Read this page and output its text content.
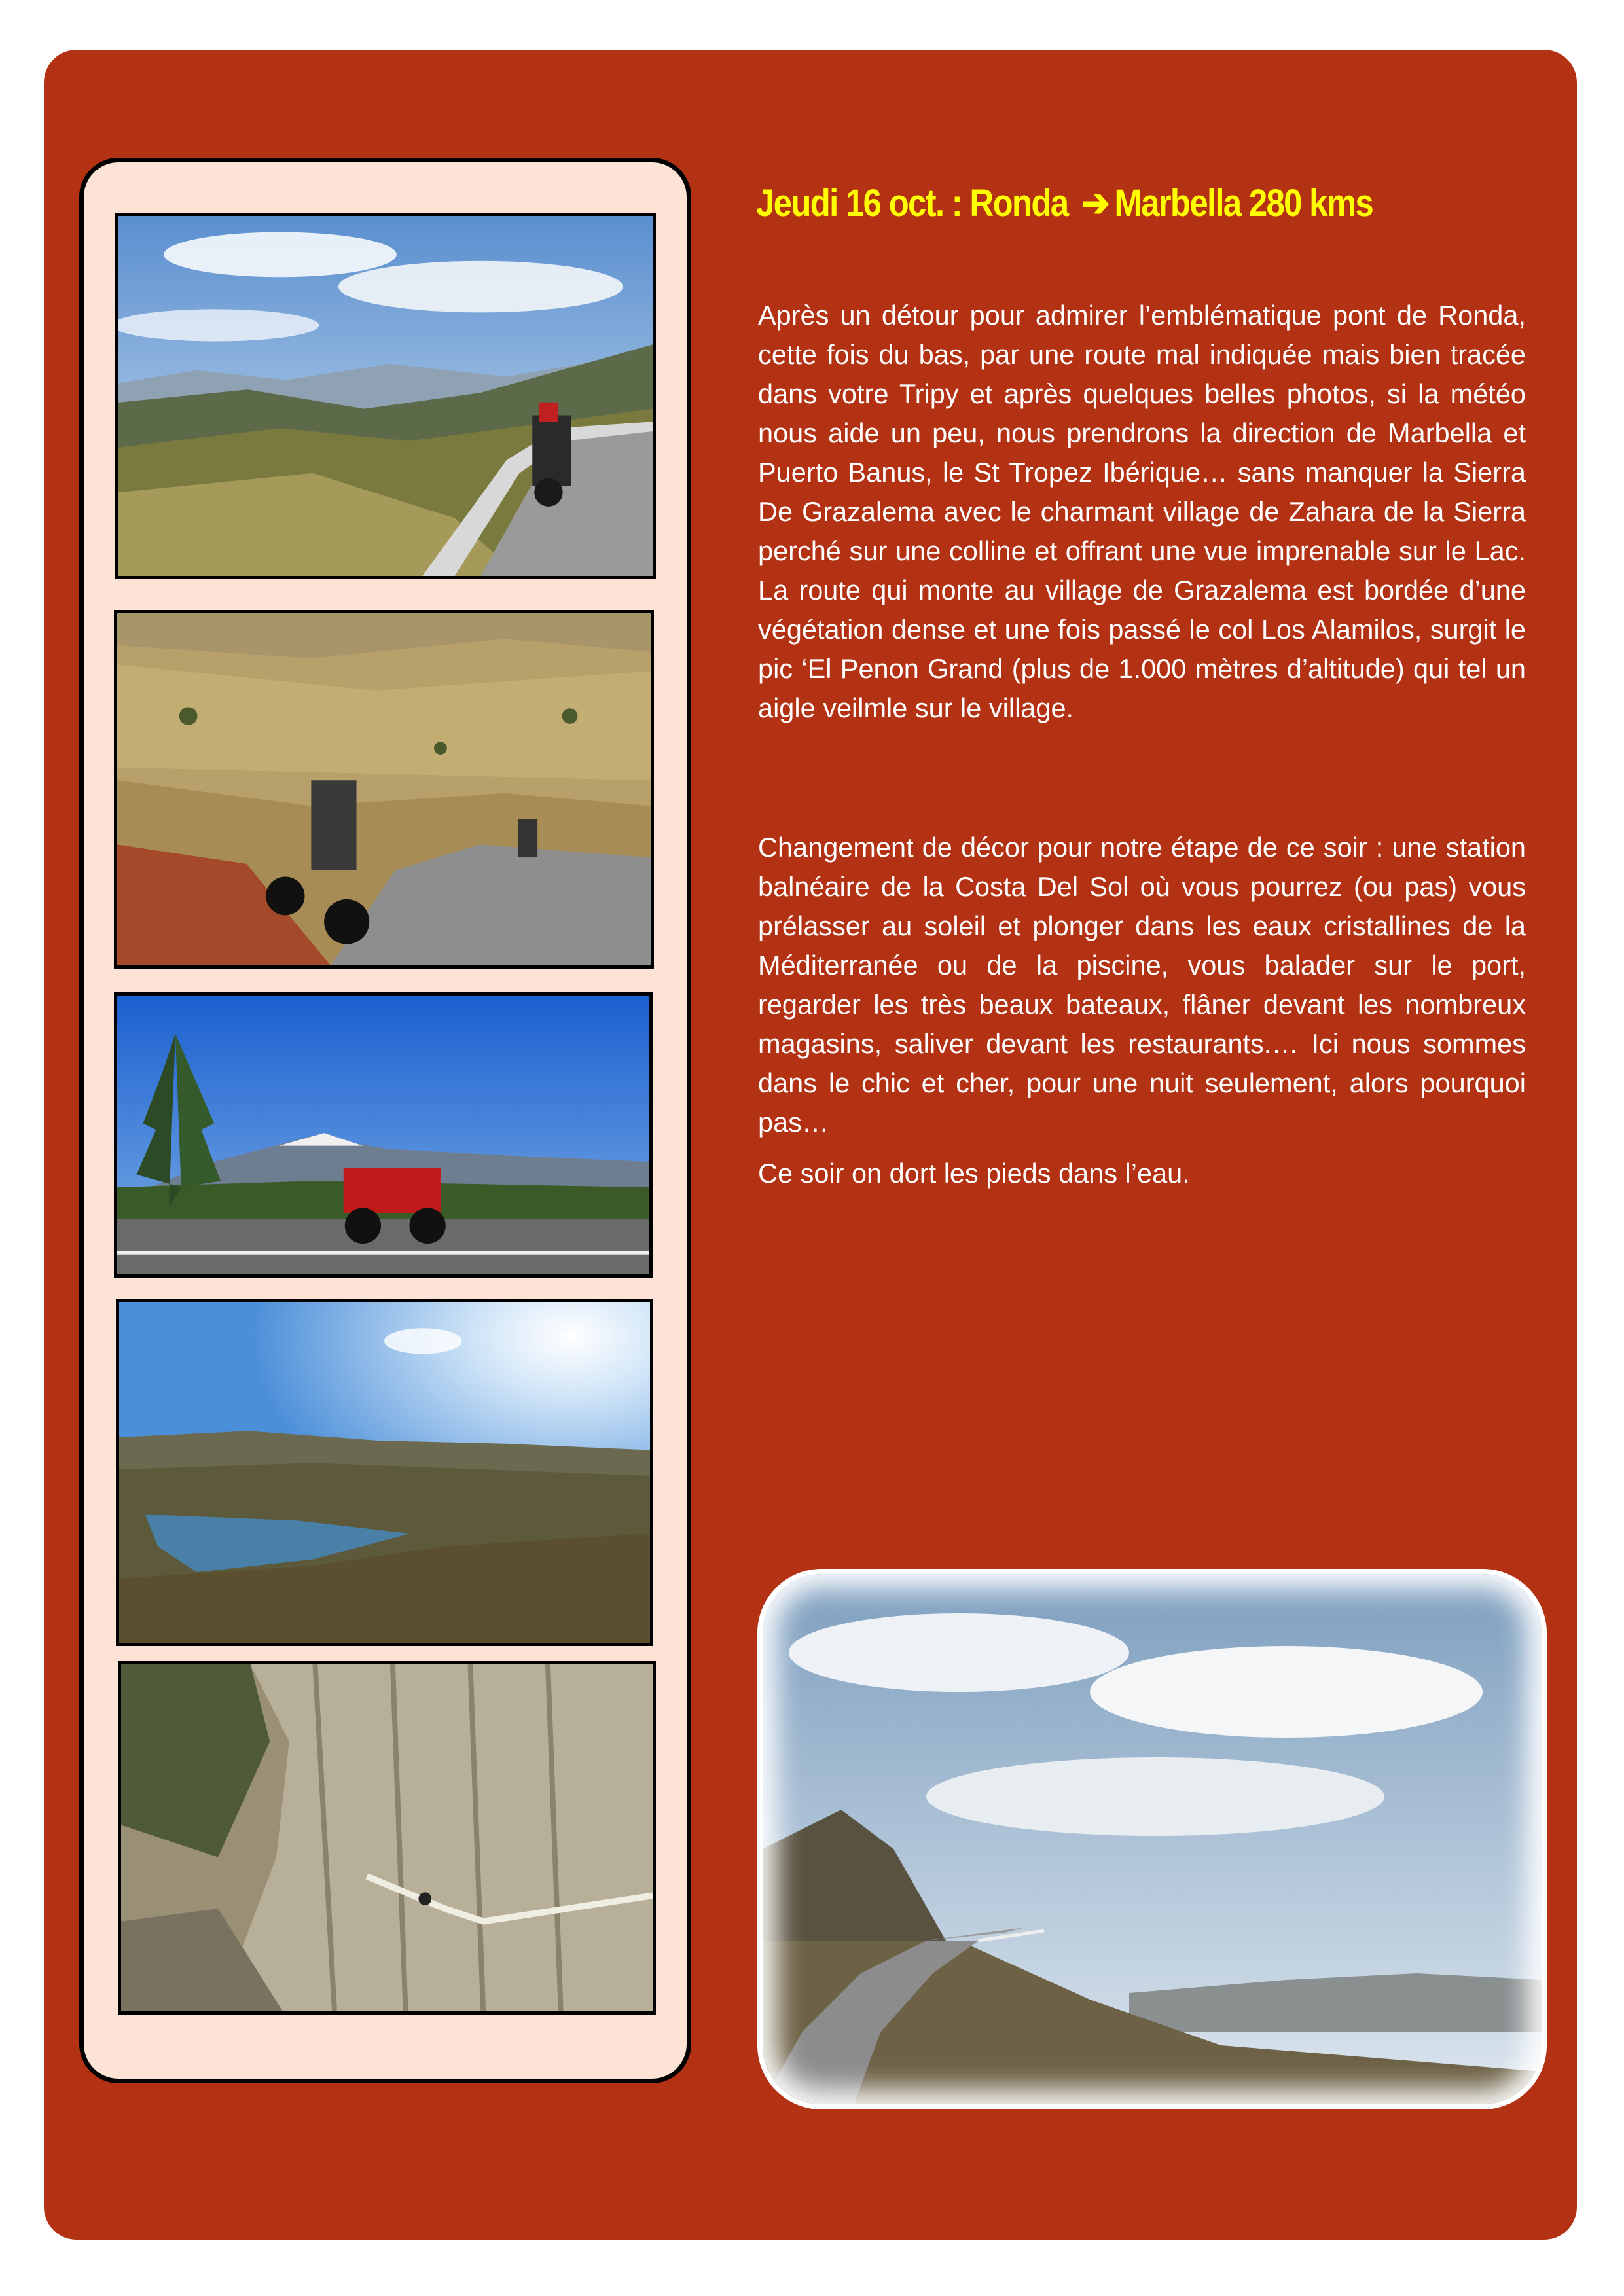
Jeudi 16 oct. : Ronda ➔ Marbella 280 kms

Après un détour pour admirer l’emblématique pont de Ronda, cette fois du bas, par une route mal indiquée mais bien tracée dans votre Tripy et après quelques belles photos, si la météo nous aide un peu, nous prendrons la direction de Marbella et Puerto Banus, le St Tropez Ibérique… sans manquer la Sierra De Grazalema avec le charmant village de Zahara de la Sierra perché sur une colline et offrant une vue imprenable sur le Lac. La route qui monte au village de Grazalema est bordée d’une végétation dense et une fois passé le col Los Alamilos, surgit le pic ‘El Penon Grand (plus de 1.000 mètres d’altitude) qui tel un aigle veilmle sur le village.

Changement de décor pour notre étape de ce soir : une station balnéaire de la Costa Del Sol où vous pourrez (ou pas) vous prélasser au soleil et plonger dans les eaux cristallines de la Méditerranée ou de la piscine, vous balader sur le port, regarder les très beaux bateaux, flâner devant les nombreux magasins, saliver devant les restaurants.… Ici nous sommes dans le chic et cher, pour une nuit seulement, alors pourquoi pas…

Ce soir on dort les pieds dans l’eau.
